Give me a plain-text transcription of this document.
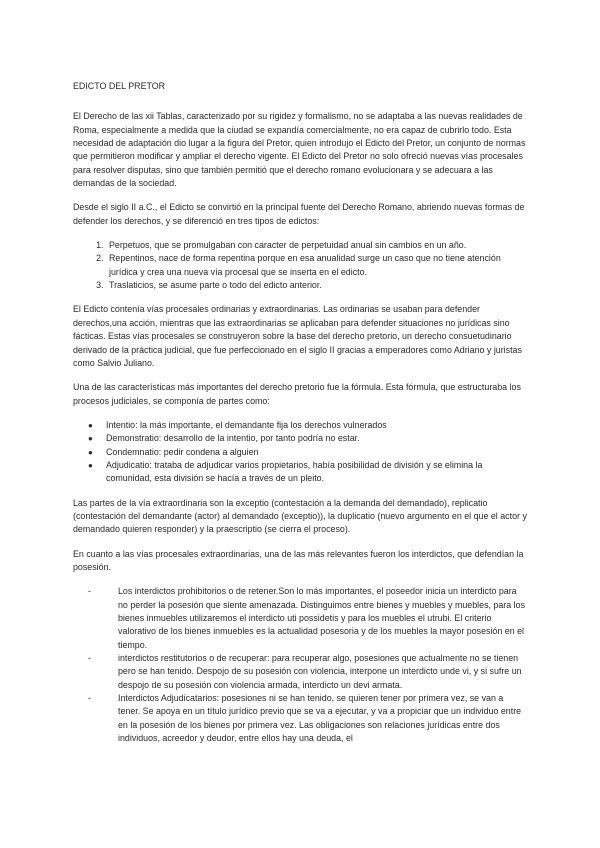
EDICTO DEL PRETOR

El Derecho de las xii Tablas, caracterizado por su rigidez y formalismo, no se adaptaba a las nuevas realidades de Roma, especialmente a medida que la ciudad se expandía comercialmente, no era capaz de cubrirlo todo. Esta necesidad de adaptación dio lugar a la figura del Pretor, quien introdujo el Edicto del Pretor, un conjunto de normas que permitieron modificar y ampliar el derecho vigente. El Edicto del Pretor no solo ofreció nuevas vías procesales para resolver disputas, sino que también permitió que el derecho romano evolucionara y se adecuara a las demandas de la sociedad.

Desde el siglo II a.C., el Edicto se convirtió en la principal fuente del Derecho Romano, abriendo nuevas formas de defender los derechos, y se diferenció en tres tipos de edictos:

1. Perpetuos, que se promulgaban con caracter de perpetuidad anual sin cambios en un año.
2. Repentinos, nace de forma repentina porque en esa anualidad surge un caso que no tiene atención jurídica y crea una nueva vía procesal que se inserta en el edicto.
3. Traslaticios, se asume parte o todo del edicto anterior.

El Edicto contenía vías procesales ordinarias y extraordinarias. Las ordinarias se usaban para defender derechos,una acción, mientras que las extraordinarias se aplicaban para defender situaciones no jurídicas sino fácticas. Estas vías procesales se construyeron sobre la base del derecho pretorio, un derecho consuetudinario derivado de la práctica judicial, que fue perfeccionado en el siglo II gracias a emperadores como Adriano y juristas como Salvio Juliano.

Una de las características más importantes del derecho pretorio fue la fórmula. Esta fórmula, que estructuraba los procesos judiciales, se componía de partes como:

● Intentio: la más importante, el demandante fija los derechos vulnerados
● Demonstratio: desarrollo de la intentio, por tanto podría no estar.
● Condemnatio: pedir condena a alguien
● Adjudicatio: trataba de adjudicar varios propietarios, había posibilidad de división y se elimina la comunidad, esta división se hacía a través de un pleito.

Las partes de la vía extraordinaria son la exceptio (contestación a la demanda del demandado), replicatio (contestación del demandante (actor) al demandado (exceptio)), la duplicatio (nuevo argumento en el que el actor y demandado quieren responder) y la praescriptio (se cierra el proceso).

En cuanto a las vías procesales extraordinarias, una de las más relevantes fueron los interdictos, que defendían la posesión.

-	Los interdictos prohibitorios o de retener.Son lo más importantes, el poseedor inicia un interdicto para no perder la posesión que siente amenazada. Distinguimos entre bienes y muebles y muebles, para los bienes inmuebles utilizaremos el interdicto uti possidetis y para los muebles el utrubi. El criterio valorativo de los bienes inmuebles es la actualidad posesoria y de los muebles la mayor posesión en el tiempo.
-	interdictos restitutorios o de recuperar: para recuperar algo, posesiones que actualmente no se tienen pero se han tenido. Despojo de su posesión con violencia, interpone un interdicto unde vi, y si sufre un despojo de su posesión con violencia armada, interdicto un devi armata.
-	Interdictos Adjudicatarios: posesiones ni se han tenido, se quieren tener por primera vez, se van a tener. Se apoya en un título jurídico previo que se va a ejecutar, y va a propiciar que un individuo entre en la posesión de los bienes por primera vez. Las obligaciones son relaciones jurídicas entre dos individuos, acreedor y deudor, entre ellos hay una deuda, el
